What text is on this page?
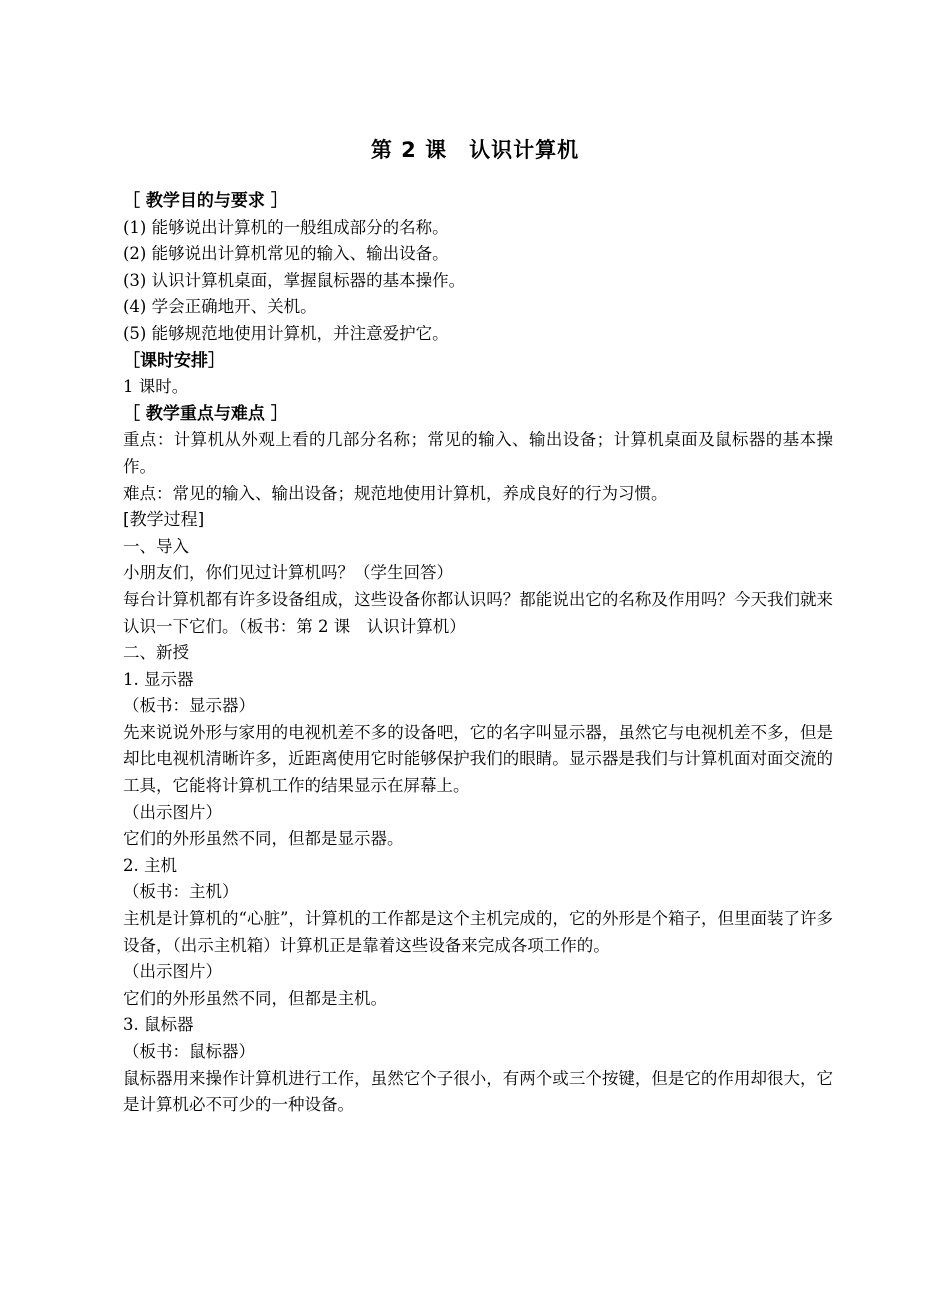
第 2 课 认识计算机
［ 教学目的与要求 ］
(1) 能够说出计算机的一般组成部分的名称。
(2) 能够说出计算机常见的输入、输出设备。
(3) 认识计算机桌面，掌握鼠标器的基本操作。
(4) 学会正确地开、关机。
(5) 能够规范地使用计算机，并注意爱护它。
［课时安排］
1 课时。
［ 教学重点与难点 ］
重点：计算机从外观上看的几部分名称；常见的输入、输出设备；计算机桌面及鼠标器的基本操作。
难点：常见的输入、输出设备；规范地使用计算机，养成良好的行为习惯。
[教学过程]
一、导入
小朋友们，你们见过计算机吗？（学生回答）
每台计算机都有许多设备组成，这些设备你都认识吗？都能说出它的名称及作用吗？今天我们就来认识一下它们。（板书：第 2 课　认识计算机）
二、新授
1. 显示器
（板书：显示器）
先来说说外形与家用的电视机差不多的设备吧，它的名字叫显示器，虽然它与电视机差不多，但是却比电视机清晰许多，近距离使用它时能够保护我们的眼睛。显示器是我们与计算机面对面交流的工具，它能将计算机工作的结果显示在屏幕上。
（出示图片）
它们的外形虽然不同，但都是显示器。
2. 主机
（板书：主机）
主机是计算机的“心脏”，计算机的工作都是这个主机完成的，它的外形是个箱子，但里面装了许多设备，（出示主机箱）计算机正是靠着这些设备来完成各项工作的。
（出示图片）
它们的外形虽然不同，但都是主机。
3. 鼠标器
（板书：鼠标器）
鼠标器用来操作计算机进行工作，虽然它个子很小，有两个或三个按键，但是它的作用却很大，它是计算机必不可少的一种设备。
